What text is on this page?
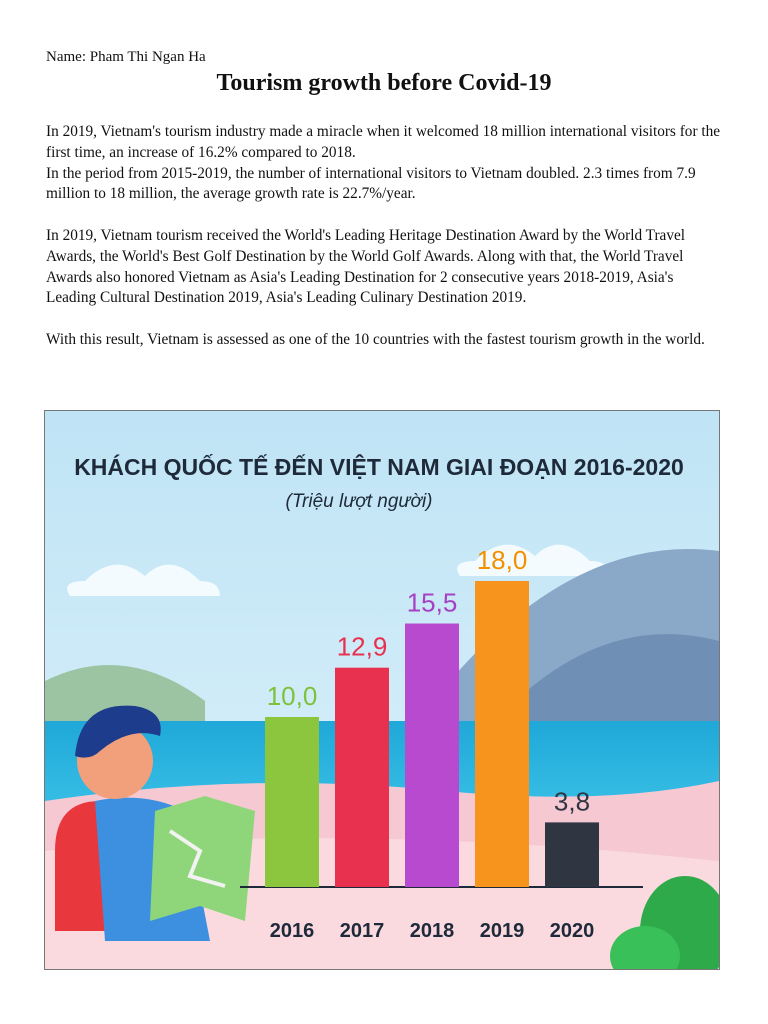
Name: Pham Thi Ngan Ha
Tourism growth before Covid-19
In 2019, Vietnam's tourism industry made a miracle when it welcomed 18 million international visitors for the first time, an increase of 16.2% compared to 2018.

In the period from 2015-2019, the number of international visitors to Vietnam doubled. 2.3 times from 7.9 million to 18 million, the average growth rate is 22.7%/year.

In 2019, Vietnam tourism received the World's Leading Heritage Destination Award by the World Travel Awards, the World's Best Golf Destination by the World Golf Awards. Along with that, the World Travel Awards also honored Vietnam as Asia's Leading Destination for 2 consecutive years 2018-2019, Asia's Leading Cultural Destination 2019, Asia's Leading Culinary Destination 2019.

With this result, Vietnam is assessed as one of the 10 countries with the fastest tourism growth in the world.

KHÁCH QUỐC TẾ ĐẾN VIỆT NAM GIAI ĐOẠN 2016-2020
(Triệu lượt người)
10,0
2016
12,9
2017
15,5
2018
18,0
2019
3,8
2020
